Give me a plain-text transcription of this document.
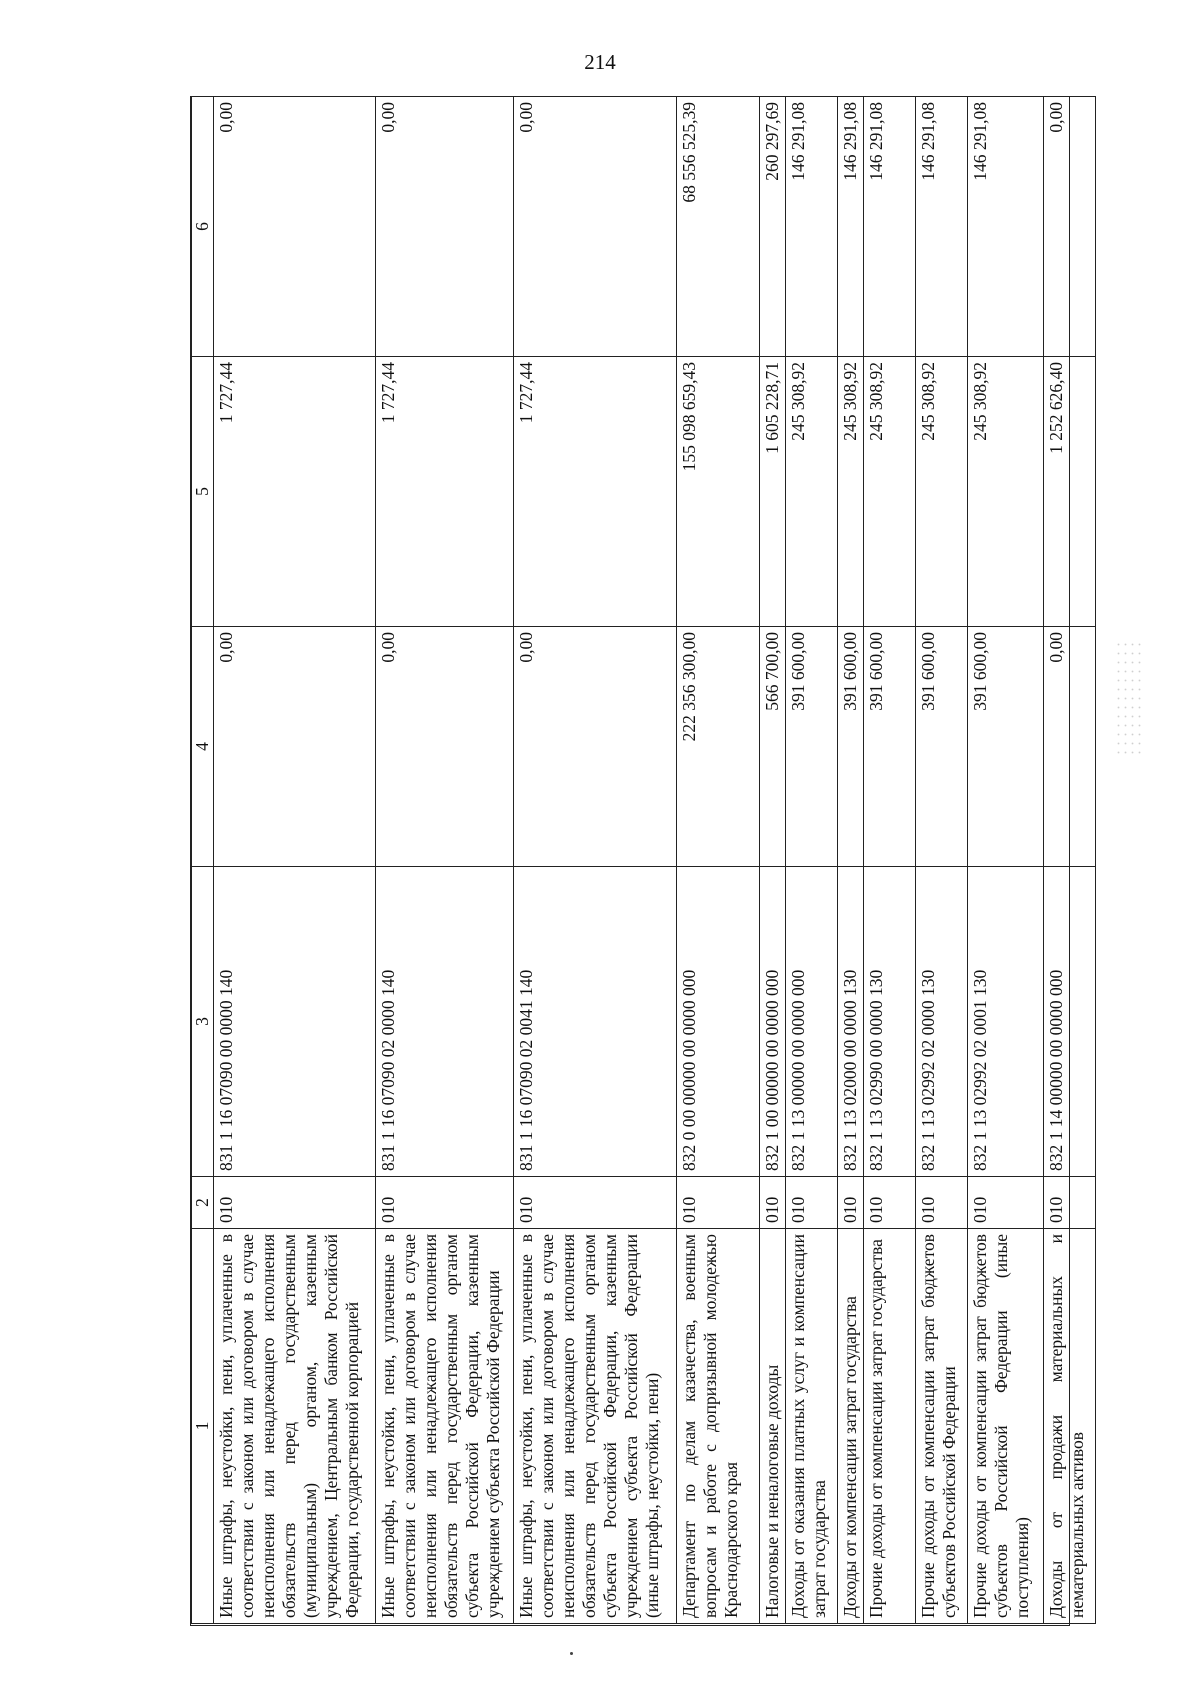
214
1	2	3	4	5	6
Иные штрафы, неустойки, пени, уплаченные в соответствии с законом или договором в случае неисполнения или ненадлежащего исполнения обязательств перед государственным (муниципальным) органом, казенным учреждением, Центральным банком Российской Федерации, государственной корпорацией	010	831 1 16 07090 00 0000 140	0,00	1 727,44	0,00
Иные штрафы, неустойки, пени, уплаченные в соответствии с законом или договором в случае неисполнения или ненадлежащего исполнения обязательств перед государственным органом субъекта Российской Федерации, казенным учреждением субъекта Российской Федерации	010	831 1 16 07090 02 0000 140	0,00	1 727,44	0,00
Иные штрафы, неустойки, пени, уплаченные в соответствии с законом или договором в случае неисполнения или ненадлежащего исполнения обязательств перед государственным органом субъекта Российской Федерации, казенным учреждением субъекта Российской Федерации (иные штрафы, неустойки, пени)	010	831 1 16 07090 02 0041 140	0,00	1 727,44	0,00
Департамент по делам казачества, военным вопросам и работе с допризывной молодежью Краснодарского края	010	832 0 00 00000 00 0000 000	222 356 300,00	155 098 659,43	68 556 525,39
Налоговые и неналоговые доходы	010	832 1 00 00000 00 0000 000	566 700,00	1 605 228,71	260 297,69
Доходы от оказания платных услуг и компенсации затрат государства	010	832 1 13 00000 00 0000 000	391 600,00	245 308,92	146 291,08
Доходы от компенсации затрат государства	010	832 1 13 02000 00 0000 130	391 600,00	245 308,92	146 291,08
Прочие доходы от компенсации затрат государства	010	832 1 13 02990 00 0000 130	391 600,00	245 308,92	146 291,08
Прочие доходы от компенсации затрат бюджетов субъектов Российской Федерации	010	832 1 13 02992 02 0000 130	391 600,00	245 308,92	146 291,08
Прочие доходы от компенсации затрат бюджетов субъектов Российской Федерации (иные поступления)	010	832 1 13 02992 02 0001 130	391 600,00	245 308,92	146 291,08
Доходы от продажи материальных и нематериальных активов	010	832 1 14 00000 00 0000 000	0,00	1 252 626,40	0,00
